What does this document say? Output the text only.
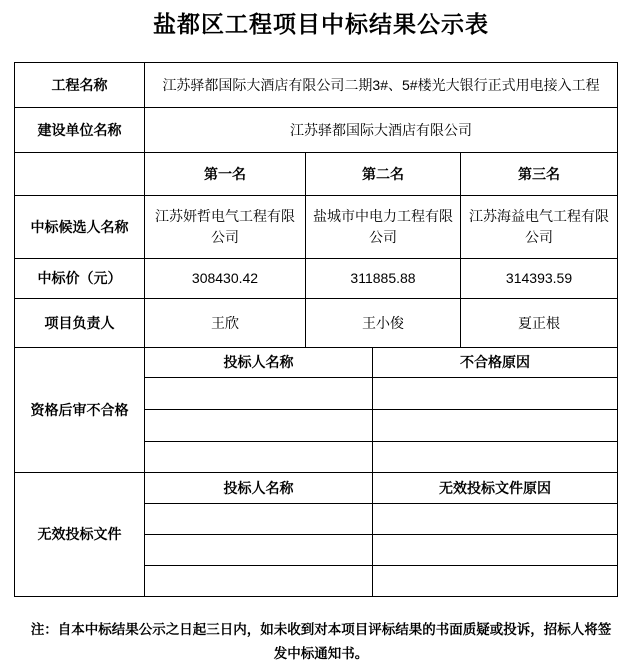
盐都区工程项目中标结果公示表
工程名称	江苏驿都国际大酒店有限公司二期3#、5#楼光大银行正式用电接入工程			
建设单位名称	江苏驿都国际大酒店有限公司			
	第一名	第二名		第三名
中标候选人名称	江苏妍哲电气工程有限公司	盐城市中电力工程有限公司		江苏海益电气工程有限公司
中标价（元）	308430.42	311885.88		314393.59
项目负责人	王欣	王小俊		夏正根
资格后审不合格	投标人名称		不合格原因	

无效投标文件	投标人名称		无效投标文件原因	

注：自本中标结果公示之日起三日内，如未收到对本项目评标结果的书面质疑或投诉，招标人将签发中标通知书。
